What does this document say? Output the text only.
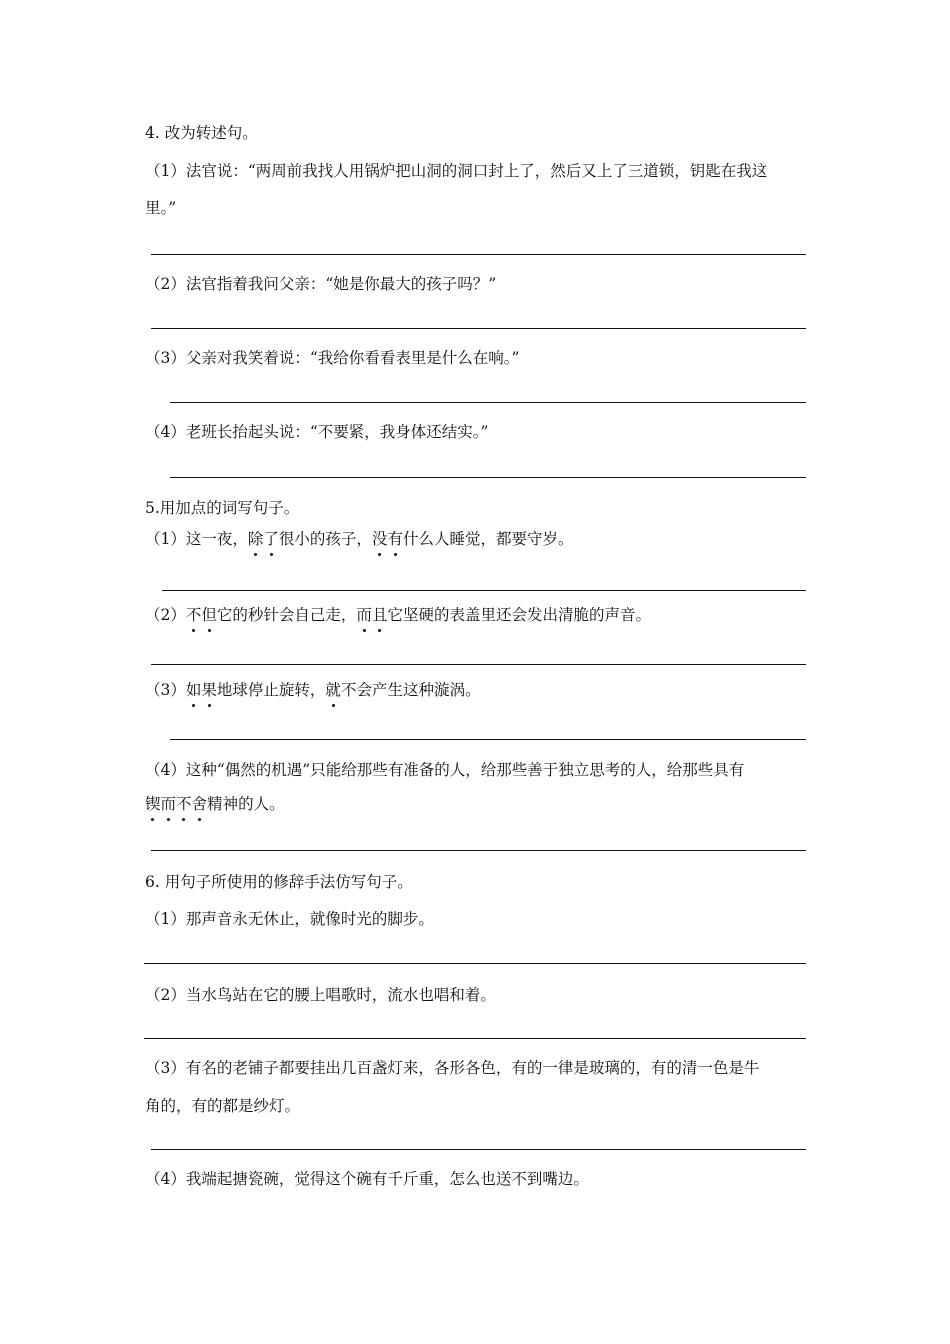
4. 改为转述句。

（1）法官说：“两周前我找人用锅炉把山洞的洞口封上了，然后又上了三道锁，钥匙在我这

里。”

（2）法官指着我问父亲：“她是你最大的孩子吗？”

（3）父亲对我笑着说：“我给你看看表里是什么在响。”

（4）老班长抬起头说：“不要紧，我身体还结实。”

5.用加点的词写句子。

（1）这一夜，除了很小的孩子，没有什么人睡觉，都要守岁。

（2）不但它的秒针会自己走，而且它坚硬的表盖里还会发出清脆的声音。

（3）如果地球停止旋转，就不会产生这种漩涡。

（4）这种“偶然的机遇”只能给那些有准备的人，给那些善于独立思考的人，给那些具有

锲而不舍精神的人。

6. 用句子所使用的修辞手法仿写句子。

（1）那声音永无休止，就像时光的脚步。

（2）当水鸟站在它的腰上唱歌时，流水也唱和着。

（3）有名的老铺子都要挂出几百盏灯来，各形各色，有的一律是玻璃的，有的清一色是牛

角的，有的都是纱灯。

（4）我端起搪瓷碗，觉得这个碗有千斤重，怎么也送不到嘴边。
